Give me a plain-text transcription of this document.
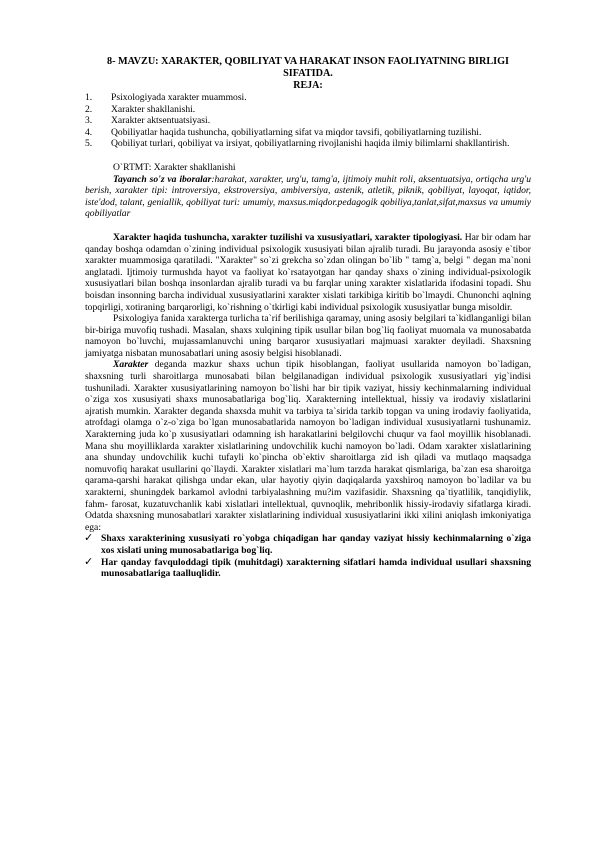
8- MAVZU: XARAKTER, QOBILIYAT VA HARAKAT INSON FAOLIYATNING BIRLIGI SIFATIDA.
REJA:
1. Psixologiyada xarakter muammosi.
2. Xarakter shakllanishi.
3. Xarakter aktsentuatsiyasi.
4. Qobiliyatlar haqida tushuncha, qobiliyatlarning sifat va miqdor tavsifi, qobiliyatlarning tuzilishi.
5. Qobiliyat turlari, qobiliyat va irsiyat, qobiliyatlarning rivojlanishi haqida ilmiy bilimlarni shakllantirish.

O`RTMT: Xarakter shakllanishi

Tayanch so'z va iboralar:harakat, xarakter, urg'u, tamg'a, ijtimoiy muhit roli, aksentuatsiya, ortiqcha urg'u berish, xarakter tipi: introversiya, ekstroversiya, ambiversiya, astenik, atletik, piknik, qobiliyat, layoqat, iqtidor, iste'dod, talant, geniallik, qobiliyat turi: umumiy, maxsus.miqdor.pedagogik qobiliya,tanlat,sifat,maxsus va umumiy qobiliyatlar

Xarakter haqida tushuncha, xarakter tuzilishi va xususiyatlari, xarakter tipologiyasi. Har bir odam har qanday boshqa odamdan o`zining individual psixologik xususiyati bilan ajralib turadi. Bu jarayonda asosiy e`tibor xarakter muammosiga qaratiladi. "Xarakter" so`zi grekcha so`zdan olingan bo`lib " tamg`a, belgi " degan ma`noni anglatadi. Ijtimoiy turmushda hayot va faoliyat ko`rsatayotgan har qanday shaxs o`zining individual-psixologik xususiyatlari bilan boshqa insonlardan ajralib turadi va bu farqlar uning xarakter xislatlarida ifodasini topadi. Shu boisdan insonning barcha individual xususiyatlarini xarakter xislati tarkibiga kiritib bo`lmaydi. Chunonchi aqlning topqirligi, xotiraning barqarorligi, ko`rishning o`tkirligi kabi individual psixologik xususiyatlar bunga misoldir.

Psixologiya fanida xarakterga turlicha ta`rif berilishiga qaramay, uning asosiy belgilari ta`kidlanganligi bilan bir-biriga muvofiq tushadi. Masalan, shaxs xulqining tipik usullar bilan bog`liq faoliyat muomala va munosabatda namoyon bo`luvchi, mujassamlanuvchi uning barqaror xususiyatlari majmuasi xarakter deyiladi. Shaxsning jamiyatga nisbatan munosabatlari uning asosiy belgisi hisoblanadi.

Xarakter deganda mazkur shaxs uchun tipik hisoblangan, faoliyat usullarida namoyon bo`ladigan, shaxsning turli sharoitlarga munosabati bilan belgilanadigan individual psixologik xususiyatlari yig`indisi tushuniladi. Xarakter xususiyatlarining namoyon bo`lishi har bir tipik vaziyat, hissiy kechinmalarning individual o`ziga xos xususiyati shaxs munosabatlariga bog`liq. Xarakterning intellektual, hissiy va irodaviy xislatlarini ajratish mumkin. Xarakter deganda shaxsda muhit va tarbiya ta`sirida tarkib topgan va uning irodaviy faoliyatida, atrofdagi olamga o`z-o`ziga bo`lgan munosabatlarida namoyon bo`ladigan individual xususiyatlarni tushunamiz. Xarakterning juda ko`p xususiyatlari odamning ish harakatlarini belgilovchi chuqur va faol moyillik hisoblanadi. Mana shu moyilliklarda xarakter xislatlarining undovchilik kuchi namoyon bo`ladi. Odam xarakter xislatlarining ana shunday undovchilik kuchi tufayli ko`pincha ob`ektiv sharoitlarga zid ish qiladi va mutlaqo maqsadga nomuvofiq harakat usullarini qo`llaydi. Xarakter xislatlari ma`lum tarzda harakat qismlariga, ba`zan esa sharoitga qarama-qarshi harakat qilishga undar ekan, ular hayotiy qiyin daqiqalarda yaxshiroq namoyon bo`ladilar va bu xarakterni, shuningdek barkamol avlodni tarbiyalashning mu?im vazifasidir. Shaxsning qa`tiyatlilik, tanqidiylik, fahm- farosat, kuzatuvchanlik kabi xislatlari intellektual, quvnoqlik, mehribonlik hissiy-irodaviy sifatlarga kiradi. Odatda shaxsning munosabatlari xarakter xislatlarining individual xususiyatlarini ikki xilini aniqlash imkoniyatiga ega:

✓ Shaxs xarakterining xususiyati ro`yobga chiqadigan har qanday vaziyat hissiy kechinmalarning o`ziga xos xislati uning munosabatlariga bog`liq.
✓ Har qanday favquloddagi tipik (muhitdagi) xarakterning sifatlari hamda individual usullari shaxsning munosabatlariga taalluqlidir.
